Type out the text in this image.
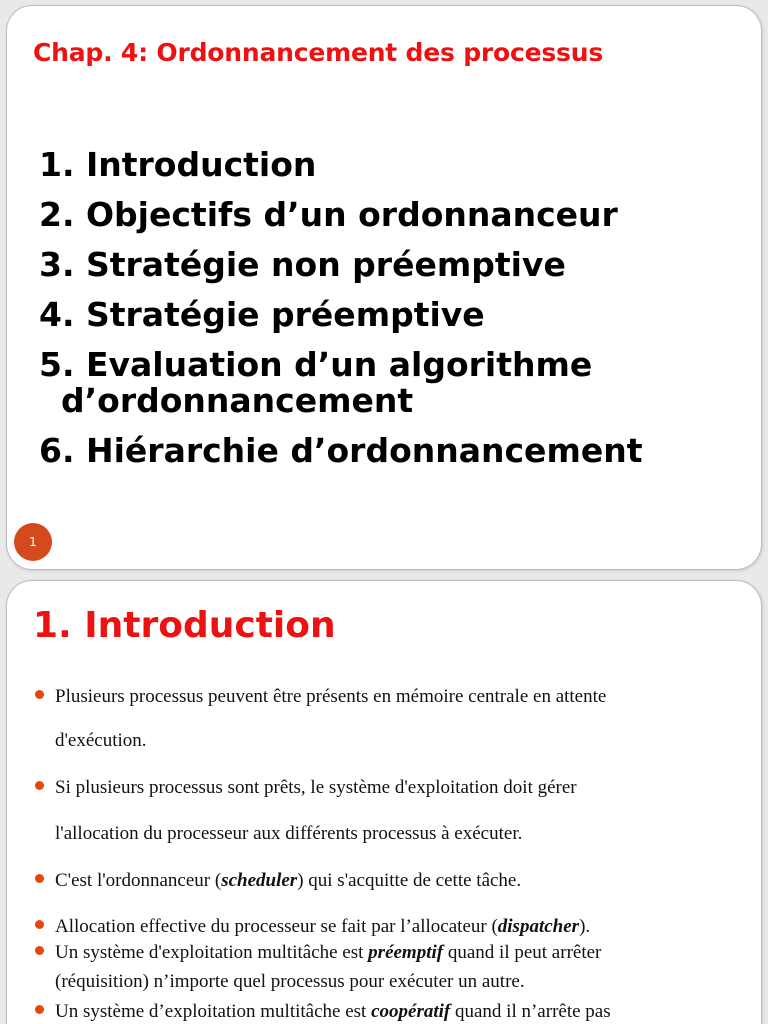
Chap. 4: Ordonnancement des processus
1. Introduction
2. Objectifs d’un ordonnanceur
3. Stratégie non préemptive
4. Stratégie préemptive
5. Evaluation d’un algorithme
d’ordonnancement
6. Hiérarchie d’ordonnancement
1
1. Introduction
Plusieurs processus peuvent être présents en mémoire centrale en attente
d'exécution.
Si plusieurs processus sont prêts, le système d'exploitation doit gérer
l'allocation du processeur aux différents processus à exécuter.
C'est l'ordonnanceur (scheduler) qui s'acquitte de cette tâche.
Allocation effective du processeur se fait par l’allocateur (dispatcher).
Un système d'exploitation multitâche est préemptif quand il peut arrêter
(réquisition) n’importe quel processus pour exécuter un autre.
Un système d’exploitation multitâche est coopératif quand il n’arrête pas
